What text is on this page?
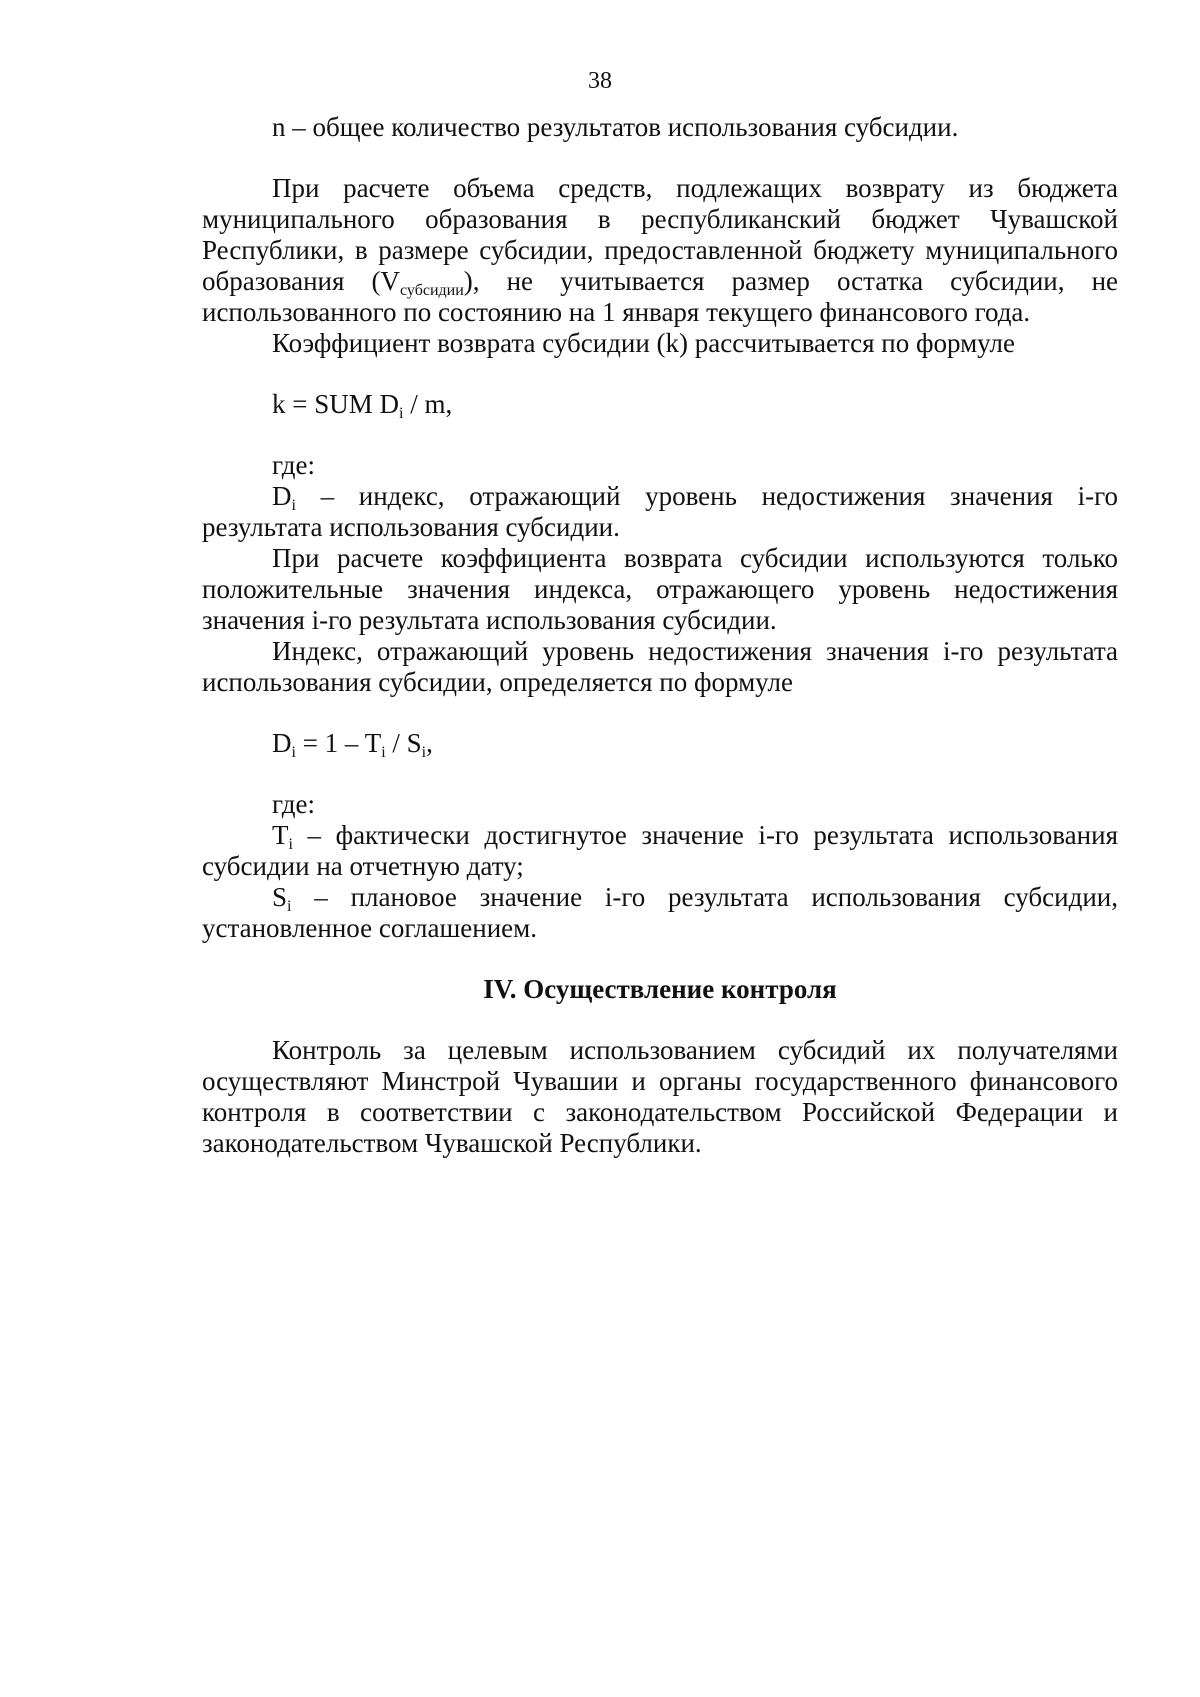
38

n – общее количество результатов использования субсидии.

При расчете объема средств, подлежащих возврату из бюджета муниципального образования в республиканский бюджет Чувашской Республики, в размере субсидии, предоставленной бюджету муниципального образования $(V_{субсидии})$, не учитывается размер остатка субсидии, не использованного по состоянию на 1 января текущего финансового года.

Коэффициент возврата субсидии (k) рассчитывается по формуле

k = SUM $D_i$ / m,

где:

$D_i$ – индекс, отражающий уровень недостижения значения i-го результата использования субсидии.

При расчете коэффициента возврата субсидии используются только положительные значения индекса, отражающего уровень недостижения значения i-го результата использования субсидии.

Индекс, отражающий уровень недостижения значения i-го результата использования субсидии, определяется по формуле

$D_i = 1 - T_i / S_i$,

где:

$T_i$ – фактически достигнутое значение i-го результата использования субсидии на отчетную дату;

$S_i$ – плановое значение i-го результата использования субсидии, установленное соглашением.

IV. Осуществление контроля

Контроль за целевым использованием субсидий их получателями осуществляют Минстрой Чувашии и органы государственного финансового контроля в соответствии с законодательством Российской Федерации и законодательством Чувашской Республики.
